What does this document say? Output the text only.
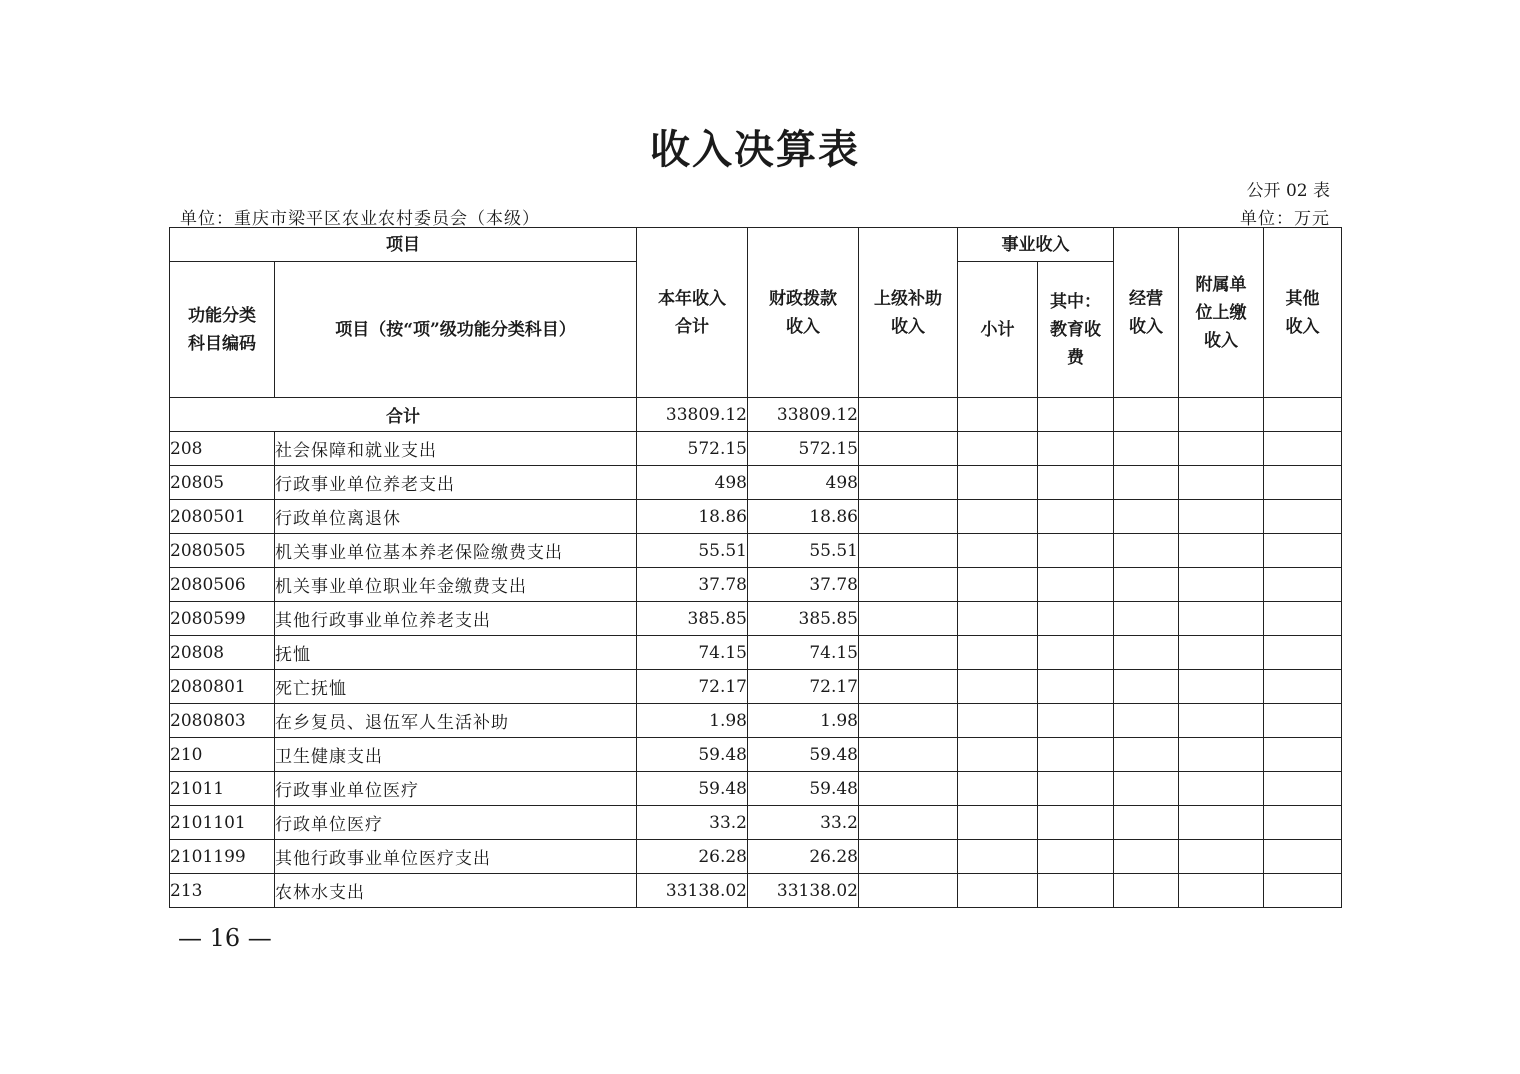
收入决算表
公开 02 表
单位：重庆市梁平区农业农村委员会（本级）	单位：万元
项目		本年收入合计	财政拨款收入	上级补助收入	事业收入		经营收入	附属单位上缴收入	其他收入

功能分类科目编码	项目（按“项”级功能分类科目）				小计	其中：教育收费			

合计		33809.12	33809.12						
208	社会保障和就业支出	572.15	572.15						
20805	行政事业单位养老支出	498	498						
2080501	行政单位离退休	18.86	18.86						
2080505	机关事业单位基本养老保险缴费支出	55.51	55.51						
2080506	机关事业单位职业年金缴费支出	37.78	37.78						
2080599	其他行政事业单位养老支出	385.85	385.85						
20808	抚恤	74.15	74.15						
2080801	死亡抚恤	72.17	72.17						
2080803	在乡复员、退伍军人生活补助	1.98	1.98						
210	卫生健康支出	59.48	59.48						
21011	行政事业单位医疗	59.48	59.48						
2101101	行政单位医疗	33.2	33.2						
2101199	其他行政事业单位医疗支出	26.28	26.28						
213	农林水支出	33138.02	33138.02						
— 16 —
